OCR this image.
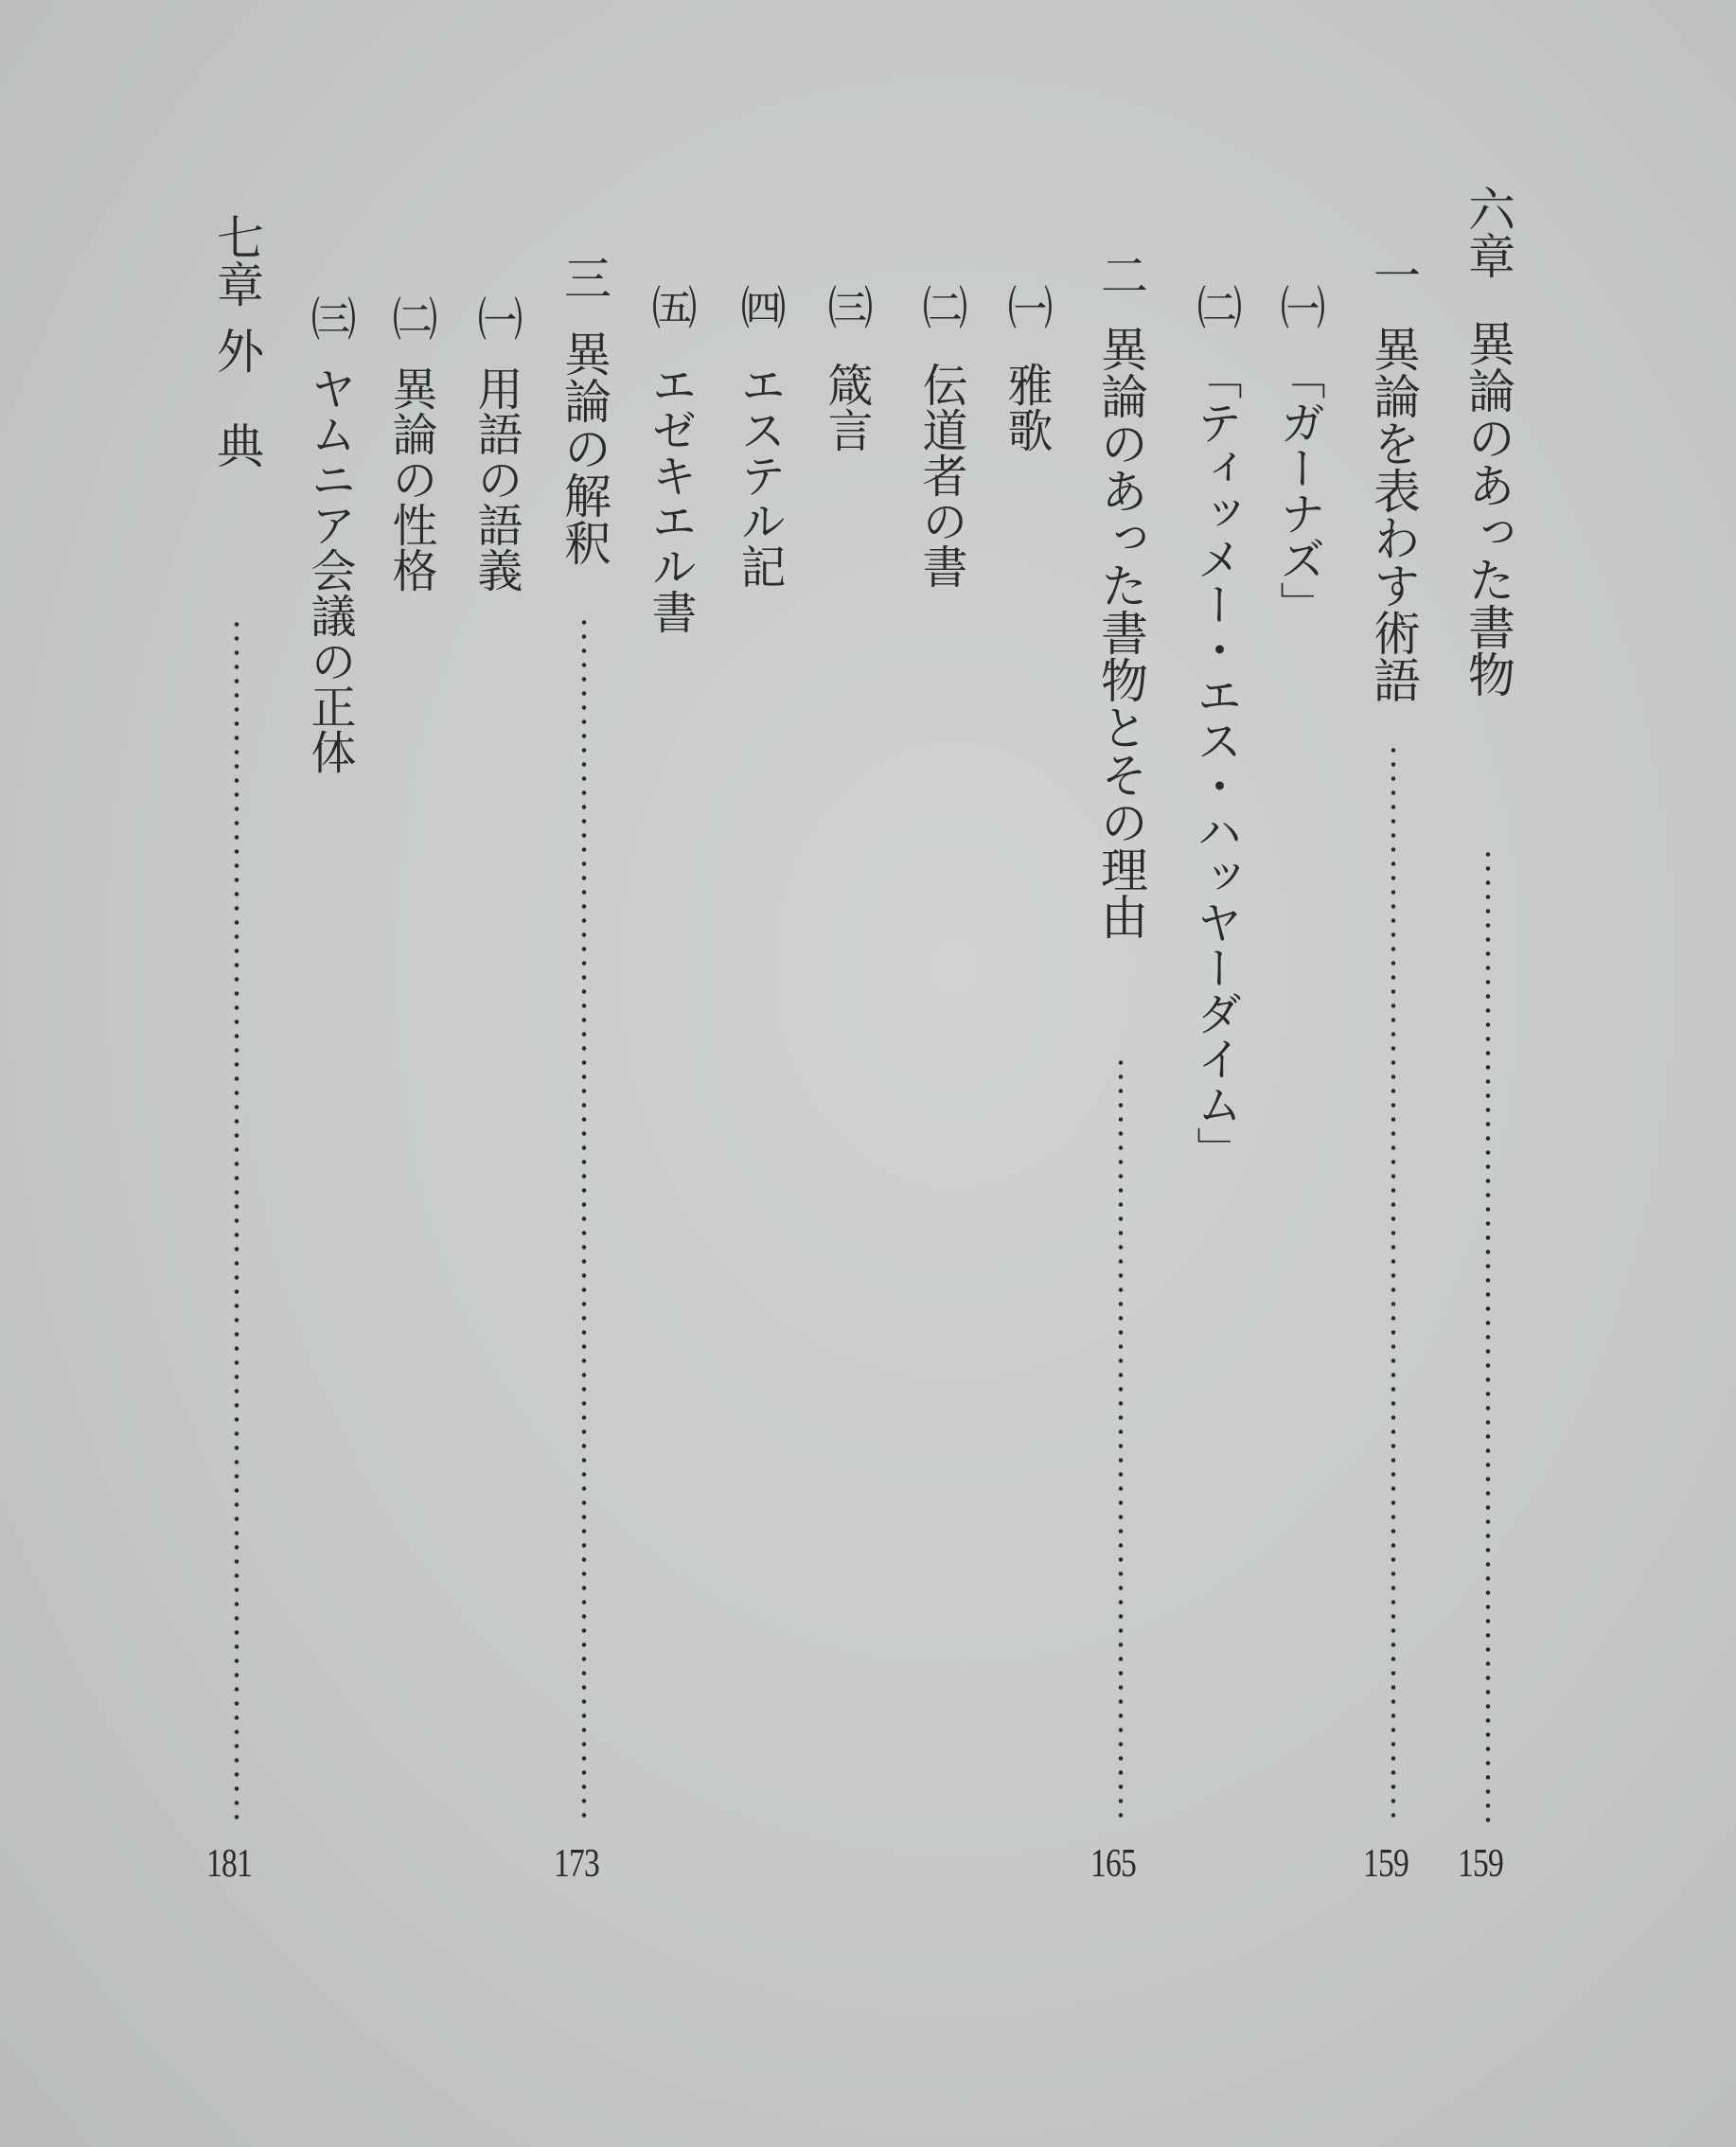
六章異論のあった書物
159
一異論を表わす術語
159
㈠「ガーナズ」
㈡「ティッメー・エス・ハッヤーダイム」
二異論のあった書物とその理由
165
㈠雅歌
㈡伝道者の書
㈢箴言
㈣エステル記
㈤エゼキエル書
三異論の解釈
173
㈠用語の語義
㈡異論の性格
㈢ヤムニア会議の正体
七章外　典
181
